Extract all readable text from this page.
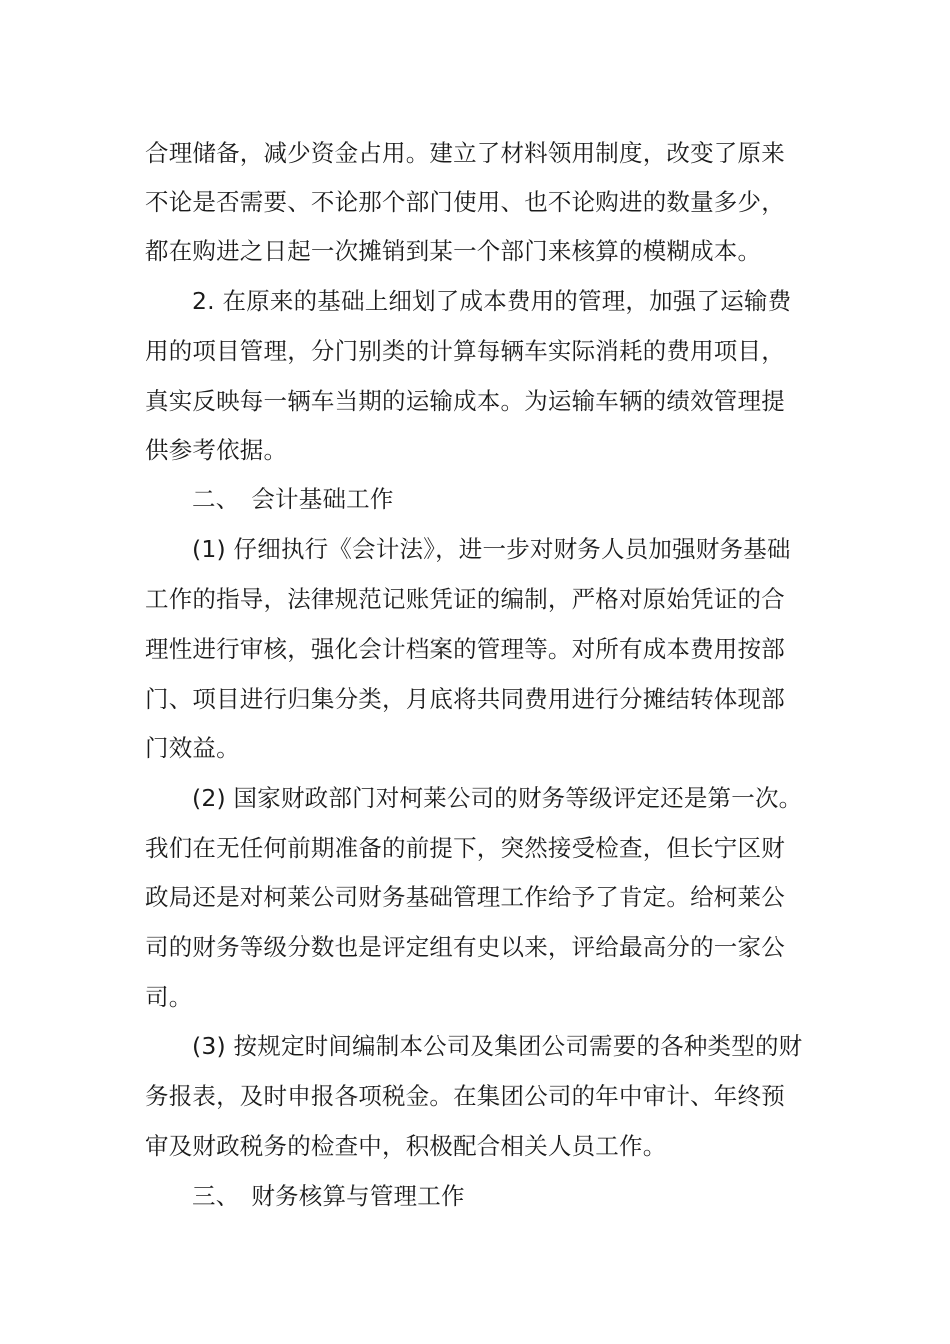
合理储备，减少资金占用。建立了材料领用制度，改变了原来
不论是否需要、不论那个部门使用、也不论购进的数量多少，
都在购进之日起一次摊销到某一个部门来核算的模糊成本。
2. 在原来的基础上细划了成本费用的管理，加强了运输费
用的项目管理，分门别类的计算每辆车实际消耗的费用项目，
真实反映每一辆车当期的运输成本。为运输车辆的绩效管理提
供参考依据。
二、　会计基础工作
(1) 仔细执行《会计法》，进一步对财务人员加强财务基础
工作的指导，法律规范记账凭证的编制，严格对原始凭证的合
理性进行审核，强化会计档案的管理等。对所有成本费用按部
门、项目进行归集分类，月底将共同费用进行分摊结转体现部
门效益。
(2) 国家财政部门对柯莱公司的财务等级评定还是第一次。
我们在无任何前期准备的前提下，突然接受检查，但长宁区财
政局还是对柯莱公司财务基础管理工作给予了肯定。给柯莱公
司的财务等级分数也是评定组有史以来，评给最高分的一家公
司。
(3) 按规定时间编制本公司及集团公司需要的各种类型的财
务报表，及时申报各项税金。在集团公司的年中审计、年终预
审及财政税务的检查中，积极配合相关人员工作。
三、　财务核算与管理工作
